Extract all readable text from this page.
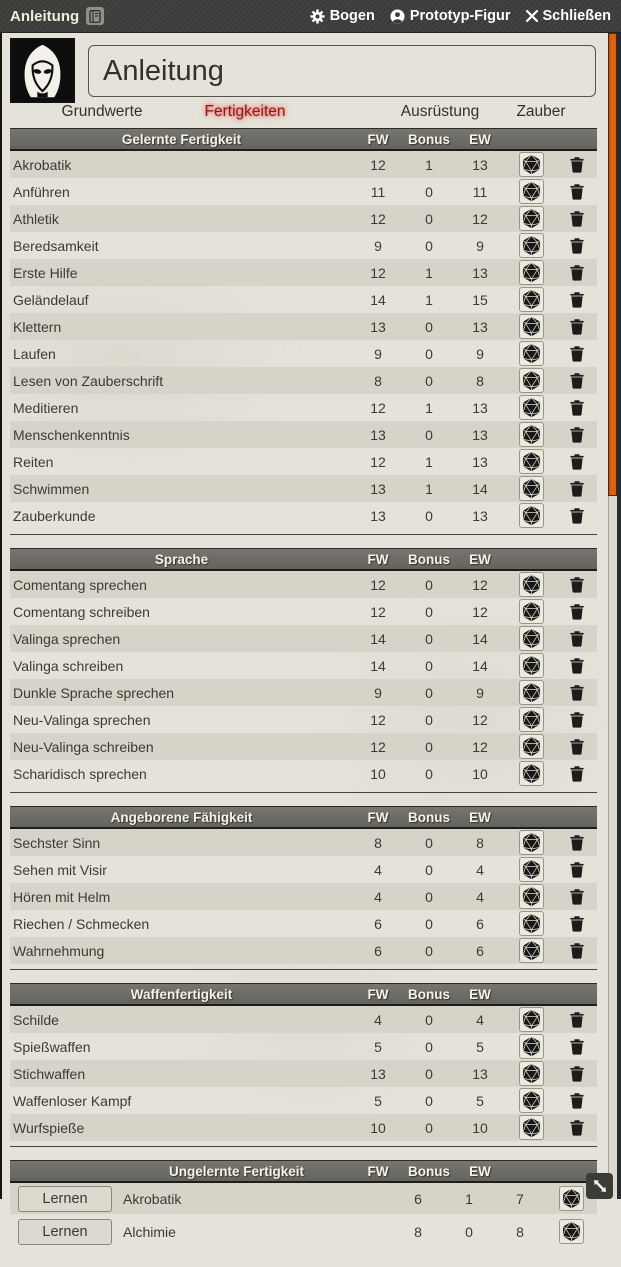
Anleitung	Bogen Prototyp-Figur Schließen
Anleitung
Grundwerte	Fertigkeiten	Ausrüstung Zauber
Gelernte Fertigkeit	FW	Bonus	EW
Akrobatik	12	1	13
Anführen	11	0	11
Athletik	12	0	12
Beredsamkeit	9	0	9
Erste Hilfe	12	1	13
Geländelauf	14	1	15
Klettern	13	0	13
Laufen	9	0	9
Lesen von Zauberschrift	8	0	8
Meditieren	12	1	13
Menschenkenntnis	13	0	13
Reiten	12	1	13
Schwimmen	13	1	14
Zauberkunde	13	0	13
Sprache	FW	Bonus	EW
Comentang sprechen	12	0	12
Comentang schreiben	12	0	12
Valinga sprechen	14	0	14
Valinga schreiben	14	0	14
Dunkle Sprache sprechen	9	0	9
Neu-Valinga sprechen	12	0	12
Neu-Valinga schreiben	12	0	12
Scharidisch sprechen	10	0	10
Angeborene Fähigkeit	FW	Bonus	EW
Sechster Sinn	8	0	8
Sehen mit Visir	4	0	4
Hören mit Helm	4	0	4
Riechen / Schmecken	6	0	6
Wahrnehmung	6	0	6
Waffenfertigkeit	FW	Bonus	EW
Schilde	4	0	4
Spießwaffen	5	0	5
Stichwaffen	13	0	13
Waffenloser Kampf	5	0	5
Wurfspieße	10	0	10
Ungelernte Fertigkeit	FW	Bonus	EW
Lernen	Akrobatik	6	1	7
Lernen	Alchimie	8	0	8
